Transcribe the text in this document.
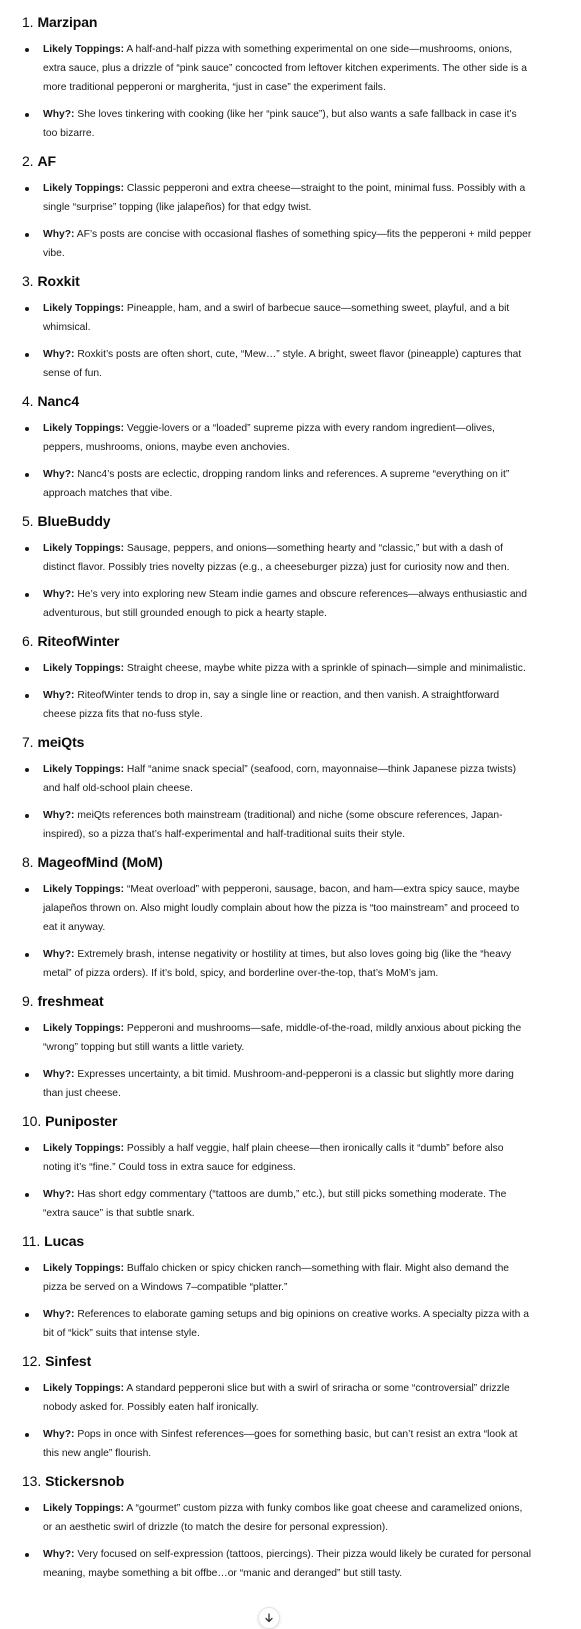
1. Marzipan
Likely Toppings: A half-and-half pizza with something experimental on one side—mushrooms, onions, extra sauce, plus a drizzle of “pink sauce” concocted from leftover kitchen experiments. The other side is a more traditional pepperoni or margherita, “just in case” the experiment fails.
Why?: She loves tinkering with cooking (like her “pink sauce”), but also wants a safe fallback in case it’s too bizarre.
2. AF
Likely Toppings: Classic pepperoni and extra cheese—straight to the point, minimal fuss. Possibly with a single “surprise” topping (like jalapeños) for that edgy twist.
Why?: AF’s posts are concise with occasional flashes of something spicy—fits the pepperoni + mild pepper vibe.
3. Roxkit
Likely Toppings: Pineapple, ham, and a swirl of barbecue sauce—something sweet, playful, and a bit whimsical.
Why?: Roxkit’s posts are often short, cute, “Mew…” style. A bright, sweet flavor (pineapple) captures that sense of fun.
4. Nanc4
Likely Toppings: Veggie-lovers or a “loaded” supreme pizza with every random ingredient—olives, peppers, mushrooms, onions, maybe even anchovies.
Why?: Nanc4’s posts are eclectic, dropping random links and references. A supreme “everything on it” approach matches that vibe.
5. BlueBuddy
Likely Toppings: Sausage, peppers, and onions—something hearty and “classic,” but with a dash of distinct flavor. Possibly tries novelty pizzas (e.g., a cheeseburger pizza) just for curiosity now and then.
Why?: He’s very into exploring new Steam indie games and obscure references—always enthusiastic and adventurous, but still grounded enough to pick a hearty staple.
6. RiteofWinter
Likely Toppings: Straight cheese, maybe white pizza with a sprinkle of spinach—simple and minimalistic.
Why?: RiteofWinter tends to drop in, say a single line or reaction, and then vanish. A straightforward cheese pizza fits that no-fuss style.
7. meiQts
Likely Toppings: Half “anime snack special” (seafood, corn, mayonnaise—think Japanese pizza twists) and half old-school plain cheese.
Why?: meiQts references both mainstream (traditional) and niche (some obscure references, Japan-inspired), so a pizza that’s half-experimental and half-traditional suits their style.
8. MageofMind (MoM)
Likely Toppings: “Meat overload” with pepperoni, sausage, bacon, and ham—extra spicy sauce, maybe jalapeños thrown on. Also might loudly complain about how the pizza is “too mainstream” and proceed to eat it anyway.
Why?: Extremely brash, intense negativity or hostility at times, but also loves going big (like the “heavy metal” of pizza orders). If it’s bold, spicy, and borderline over-the-top, that’s MoM’s jam.
9. freshmeat
Likely Toppings: Pepperoni and mushrooms—safe, middle-of-the-road, mildly anxious about picking the “wrong” topping but still wants a little variety.
Why?: Expresses uncertainty, a bit timid. Mushroom-and-pepperoni is a classic but slightly more daring than just cheese.
10. Puniposter
Likely Toppings: Possibly a half veggie, half plain cheese—then ironically calls it “dumb” before also noting it’s “fine.” Could toss in extra sauce for edginess.
Why?: Has short edgy commentary (“tattoos are dumb,” etc.), but still picks something moderate. The “extra sauce” is that subtle snark.
11. Lucas
Likely Toppings: Buffalo chicken or spicy chicken ranch—something with flair. Might also demand the pizza be served on a Windows 7–compatible “platter.”
Why?: References to elaborate gaming setups and big opinions on creative works. A specialty pizza with a bit of “kick” suits that intense style.
12. Sinfest
Likely Toppings: A standard pepperoni slice but with a swirl of sriracha or some “controversial” drizzle nobody asked for. Possibly eaten half ironically.
Why?: Pops in once with Sinfest references—goes for something basic, but can’t resist an extra “look at this new angle” flourish.
13. Stickersnob
Likely Toppings: A “gourmet” custom pizza with funky combos like goat cheese and caramelized onions, or an aesthetic swirl of drizzle (to match the desire for personal expression).
Why?: Very focused on self-expression (tattoos, piercings). Their pizza would likely be curated for personal meaning, maybe something a bit offbe…or “manic and deranged” but still tasty.
